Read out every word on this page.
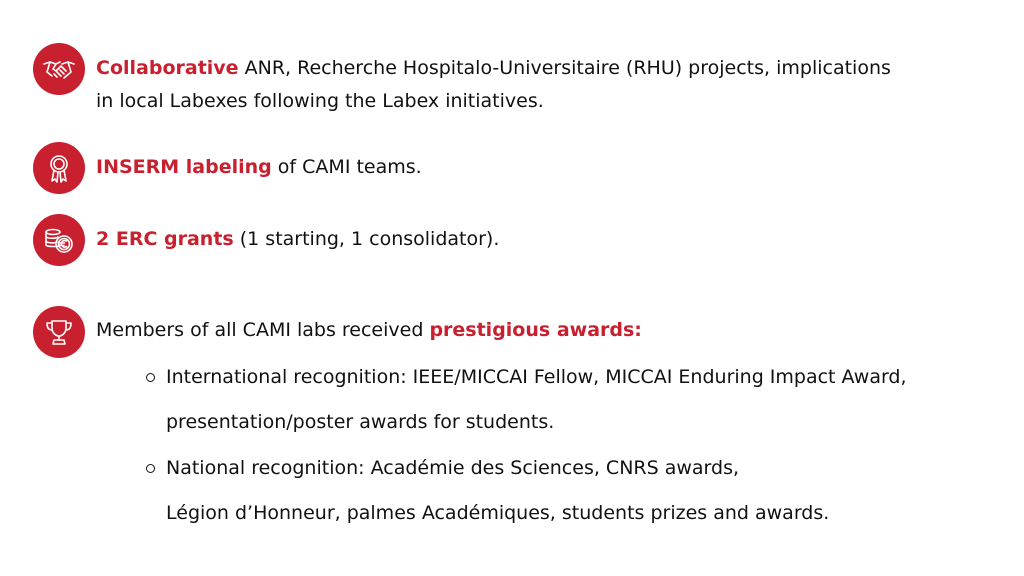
Collaborative ANR, Recherche Hospitalo-Universitaire (RHU) projects, implications
in local Labexes following the Labex initiatives.
INSERM labeling of CAMI teams.
2 ERC grants (1 starting, 1 consolidator).
Members of all CAMI labs received prestigious awards:
International recognition: IEEE/MICCAI Fellow, MICCAI Enduring Impact Award,
presentation/poster awards for students.
National recognition: Académie des Sciences, CNRS awards,
Légion d’Honneur, palmes Académiques, students prizes and awards.
